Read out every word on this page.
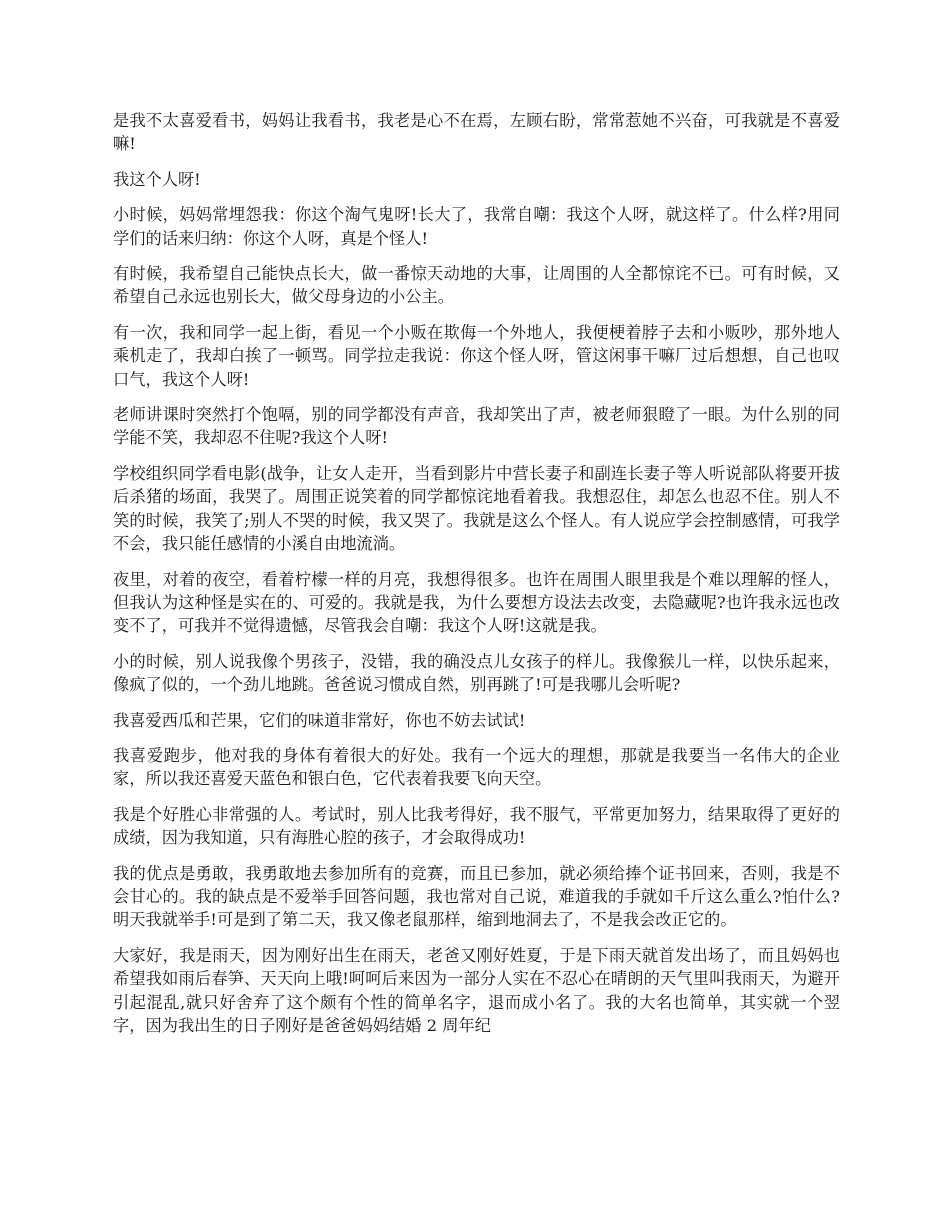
是我不太喜爱看书，妈妈让我看书，我老是心不在焉，左顾右盼，常常惹她不兴奋，可我就是不喜爱嘛!

我这个人呀!

小时候，妈妈常埋怨我：你这个淘气鬼呀!长大了，我常自嘲：我这个人呀，就这样了。什么样?用同学们的话来归纳：你这个人呀，真是个怪人!

有时候，我希望自己能快点长大，做一番惊天动地的大事，让周围的人全都惊诧不已。可有时候，又希望自己永远也别长大，做父母身边的小公主。

有一次，我和同学一起上街，看见一个小贩在欺侮一个外地人，我便梗着脖子去和小贩吵，那外地人乘机走了，我却白挨了一顿骂。同学拉走我说：你这个怪人呀，管这闲事干嘛厂过后想想，自己也叹口气，我这个人呀!

老师讲课时突然打个饱嗝，别的同学都没有声音，我却笑出了声，被老师狠瞪了一眼。为什么别的同学能不笑，我却忍不住呢?我这个人呀!

学校组织同学看电影(战争，让女人走开，当看到影片中营长妻子和副连长妻子等人听说部队将要开拔后杀猪的场面，我哭了。周围正说笑着的同学都惊诧地看着我。我想忍住，却怎么也忍不住。别人不笑的时候，我笑了;别人不哭的时候，我又哭了。我就是这么个怪人。有人说应学会控制感情，可我学不会，我只能任感情的小溪自由地流淌。

夜里，对着的夜空，看着柠檬一样的月亮，我想得很多。也许在周围人眼里我是个难以理解的怪人，但我认为这种怪是实在的、可爱的。我就是我，为什么要想方设法去改变，去隐藏呢?也许我永远也改变不了，可我并不觉得遗憾，尽管我会自嘲：我这个人呀!这就是我。

小的时候，别人说我像个男孩子，没错，我的确没点儿女孩子的样儿。我像猴儿一样，以快乐起来，像疯了似的，一个劲儿地跳。爸爸说习惯成自然，别再跳了!可是我哪儿会听呢?

我喜爱西瓜和芒果，它们的味道非常好，你也不妨去试试!

我喜爱跑步，他对我的身体有着很大的好处。我有一个远大的理想，那就是我要当一名伟大的企业家，所以我还喜爱天蓝色和银白色，它代表着我要飞向天空。

我是个好胜心非常强的人。考试时，别人比我考得好，我不服气，平常更加努力，结果取得了更好的成绩，因为我知道，只有海胜心腔的孩子，才会取得成功!

我的优点是勇敢，我勇敢地去参加所有的竞赛，而且已参加，就必须给捧个证书回来，否则，我是不会甘心的。我的缺点是不爱举手回答问题，我也常对自己说，难道我的手就如千斤这么重么?怕什么?明天我就举手!可是到了第二天，我又像老鼠那样，缩到地洞去了，不是我会改正它的。

大家好，我是雨天，因为刚好出生在雨天，老爸又刚好姓夏，于是下雨天就首发出场了，而且妈妈也希望我如雨后春笋、天天向上哦!呵呵后来因为一部分人实在不忍心在晴朗的天气里叫我雨天，为避开引起混乱,就只好舍弃了这个颇有个性的简单名字，退而成小名了。我的大名也简单，其实就一个翌字，因为我出生的日子刚好是爸爸妈妈结婚 2 周年纪
